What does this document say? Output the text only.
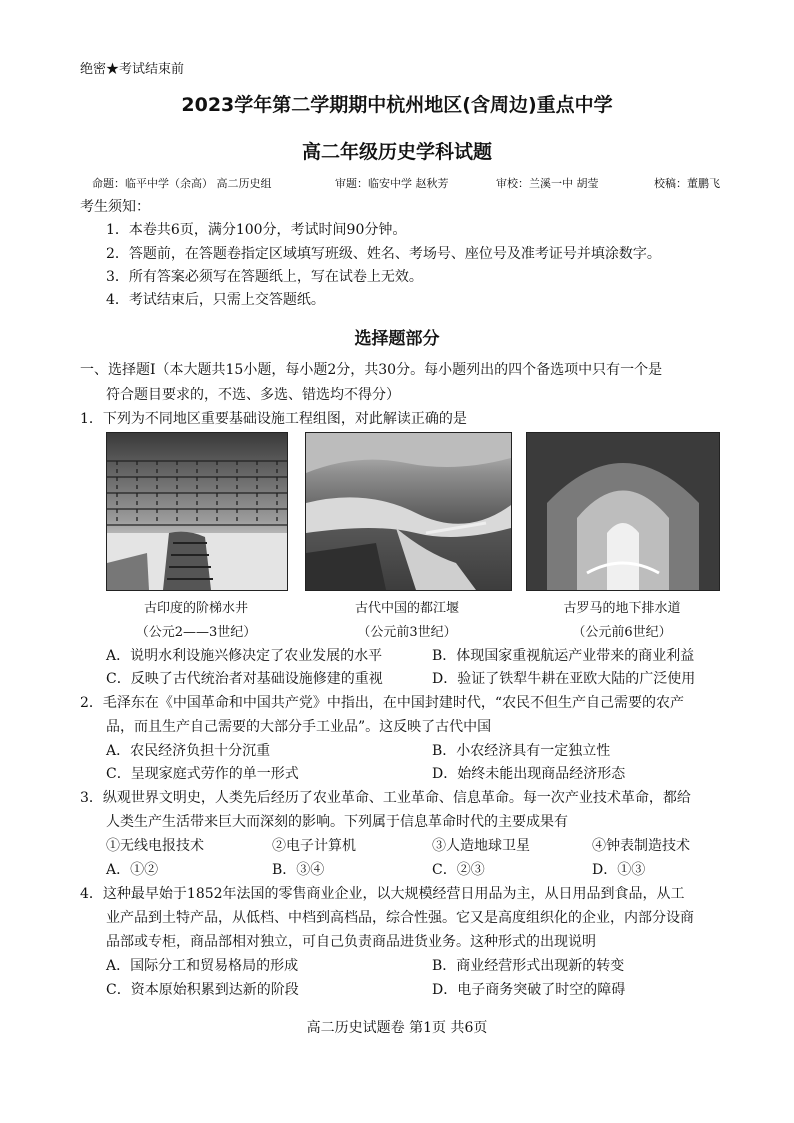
绝密★考试结束前
2023学年第二学期期中杭州地区(含周边)重点中学
高二年级历史学科试题
命题：临平中学（余高） 高二历史组	审题：临安中学 赵秋芳	审校：兰溪一中 胡莹	校稿：董鹏飞
考生须知：
1．本卷共6页，满分100分，考试时间90分钟。
2．答题前，在答题卷指定区域填写班级、姓名、考场号、座位号及准考证号并填涂数字。
3．所有答案必须写在答题纸上，写在试卷上无效。
4．考试结束后，只需上交答题纸。
选择题部分
一、选择题Ⅰ（本大题共15小题，每小题2分，共30分。每小题列出的四个备选项中只有一个是
符合题目要求的，不选、多选、错选均不得分）
1．下列为不同地区重要基础设施工程组图，对此解读正确的是
古印度的阶梯水井
（公元2——3世纪）
古代中国的都江堰
（公元前3世纪）
古罗马的地下排水道
（公元前6世纪）
A．说明水利设施兴修决定了农业发展的水平	B．体现国家重视航运产业带来的商业利益
C．反映了古代统治者对基础设施修建的重视	D．验证了铁犁牛耕在亚欧大陆的广泛使用
2．毛泽东在《中国革命和中国共产党》中指出，在中国封建时代，“农民不但生产自己需要的农产
品，而且生产自己需要的大部分手工业品”。这反映了古代中国
A．农民经济负担十分沉重	B．小农经济具有一定独立性
C．呈现家庭式劳作的单一形式	D．始终未能出现商品经济形态
3．纵观世界文明史，人类先后经历了农业革命、工业革命、信息革命。每一次产业技术革命，都给
人类生产生活带来巨大而深刻的影响。下列属于信息革命时代的主要成果有
①无线电报技术	②电子计算机	③人造地球卫星	④钟表制造技术
A．①②	B．③④	C．②③	D．①③
4．这种最早始于1852年法国的零售商业企业，以大规模经营日用品为主，从日用品到食品，从工
业产品到土特产品，从低档、中档到高档品，综合性强。它又是高度组织化的企业，内部分设商
品部或专柜，商品部相对独立，可自己负责商品进货业务。这种形式的出现说明
A．国际分工和贸易格局的形成	B．商业经营形式出现新的转变
C．资本原始积累到达新的阶段	D．电子商务突破了时空的障碍
高二历史试题卷 第1页 共6页
